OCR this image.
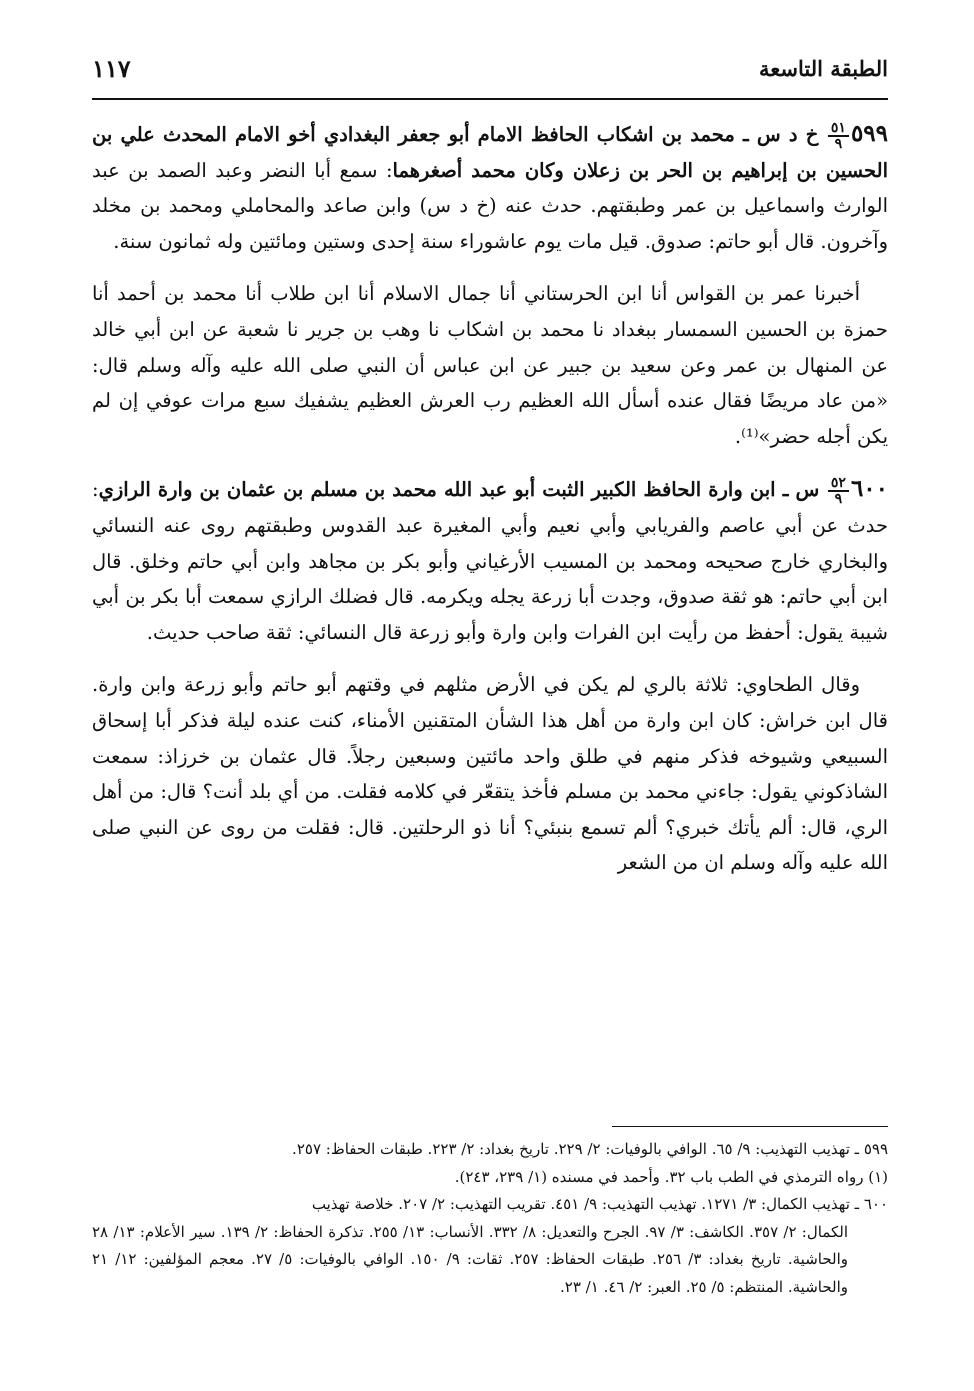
١١٧	الطبقة التاسعة

٥٩٩
$\frac{٥١}{٩}$
خ د س ـ محمد بن اشكاب الحافظ الامام أبو جعفر البغدادي أخو الامام المحدث علي بن الحسين بن إبراهيم بن الحر بن زعلان وكان محمد أصغرهما: سمع أبا النضر وعبد الصمد بن عبد الوارث واسماعيل بن عمر وطبقتهم. حدث عنه (خ د س) وابن صاعد والمحاملي ومحمد بن مخلد وآخرون. قال أبو حاتم: صدوق. قيل مات يوم عاشوراء سنة إحدى وستين ومائتين وله ثمانون سنة.

أخبرنا عمر بن القواس أنا ابن الحرستاني أنا جمال الاسلام أنا ابن طلاب أنا محمد بن أحمد أنا حمزة بن الحسين السمسار ببغداد نا محمد بن اشكاب نا وهب بن جرير نا شعبة عن ابن أبي خالد عن المنهال بن عمر وعن سعيد بن جبير عن ابن عباس أن النبي صلى الله عليه وآله وسلم قال: «من عاد مريضًا فقال عنده أسأل الله العظيم رب العرش العظيم يشفيك سبع مرات عوفي إن لم يكن أجله حضر»⁽¹⁾.

٦٠٠
$\frac{٥٢}{٩}$
س ـ ابن وارة الحافظ الكبير الثبت أبو عبد الله محمد بن مسلم بن عثمان بن وارة الرازي: حدث عن أبي عاصم والفريابي وأبي نعيم وأبي المغيرة عبد القدوس وطبقتهم روى عنه النسائي والبخاري خارج صحيحه ومحمد بن المسيب الأرغياني وأبو بكر بن مجاهد وابن أبي حاتم وخلق. قال ابن أبي حاتم: هو ثقة صدوق، وجدت أبا زرعة يجله ويكرمه. قال فضلك الرازي سمعت أبا بكر بن أبي شيبة يقول: أحفظ من رأيت ابن الفرات وابن وارة وأبو زرعة قال النسائي: ثقة صاحب حديث.

وقال الطحاوي: ثلاثة بالري لم يكن في الأرض مثلهم في وقتهم أبو حاتم وأبو زرعة وابن وارة. قال ابن خراش: كان ابن وارة من أهل هذا الشأن المتقنين الأمناء، كنت عنده ليلة فذكر أبا إسحاق السبيعي وشيوخه فذكر منهم في طلق واحد مائتين وسبعين رجلاً. قال عثمان بن خرزاذ: سمعت الشاذكوني يقول: جاءني محمد بن مسلم فأخذ يتقعّر في كلامه فقلت. من أي بلد أنت؟ قال: من أهل الري، قال: ألم يأتك خبري؟ ألم تسمع بنبئي؟ أنا ذو الرحلتين. قال: فقلت من روى عن النبي صلى الله عليه وآله وسلم ان من الشعر

٥٩٩ ـ تهذيب التهذيب: ٩/ ٦٥. الوافي بالوفيات: ٢/ ٢٢٩. تاريخ بغداد: ٢/ ٢٢٣. طبقات الحفاظ: ٢٥٧.

(١) رواه الترمذي في الطب باب ٣٢. وأحمد في مسنده (١/ ٢٣٩، ٢٤٣).

٦٠٠ ـ تهذيب الكمال: ٣/ ١٢٧١. تهذيب التهذيب: ٩/ ٤٥١. تقريب التهذيب: ٢/ ٢٠٧. خلاصة تهذيب

الكمال: ٢/ ٣٥٧. الكاشف: ٣/ ٩٧. الجرح والتعديل: ٨/ ٣٣٢. الأنساب: ١٣/ ٢٥٥. تذكرة الحفاظ: ٢/ ١٣٩. سير الأعلام: ١٣/ ٢٨ والحاشية. تاريخ بغداد: ٣/ ٢٥٦. طبقات الحفاظ: ٢٥٧. ثقات: ٩/ ١٥٠. الوافي بالوفيات: ٥/ ٢٧. معجم المؤلفين: ١٢/ ٢١ والحاشية. المنتظم: ٥/ ٢٥. العبر: ٢/ ٤٦. ١/ ٢٣.
